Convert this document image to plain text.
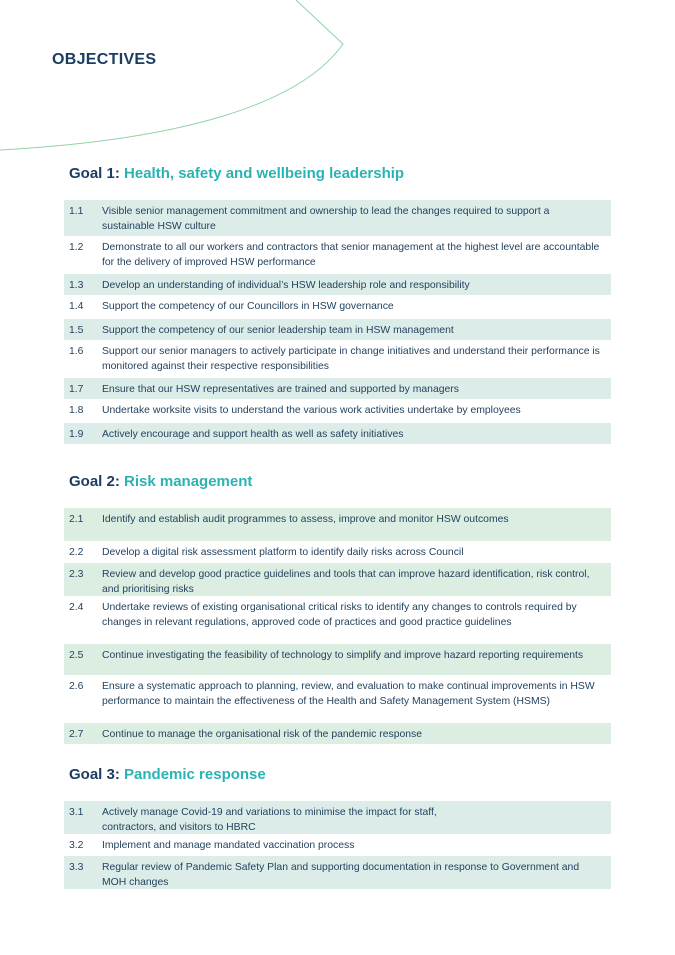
OBJECTIVES
Goal 1: Health, safety and wellbeing leadership
1.1	Visible senior management commitment and ownership to lead the changes required to support a sustainable HSW culture
1.2	Demonstrate to all our workers and contractors that senior management at the highest level are accountable for the delivery of improved HSW performance
1.3	Develop an understanding of individual’s HSW leadership role and responsibility
1.4	Support the competency of our Councillors in HSW governance
1.5	Support the competency of our senior leadership team in HSW management
1.6	Support our senior managers to actively participate in change initiatives and understand their performance is monitored against their respective responsibilities
1.7	Ensure that our HSW representatives are trained and supported by managers
1.8	Undertake worksite visits to understand the various work activities undertake by employees
1.9	Actively encourage and support health as well as safety initiatives
Goal 2: Risk management
2.1	Identify and establish audit programmes to assess, improve and monitor HSW outcomes
2.2	Develop a digital risk assessment platform to identify daily risks across Council
2.3	Review and develop good practice guidelines and tools that can improve hazard identification, risk control, and prioritising risks
2.4	Undertake reviews of existing organisational critical risks to identify any changes to controls required by changes in relevant regulations, approved code of practices and good practice guidelines
2.5	Continue investigating the feasibility of technology to simplify and improve hazard reporting requirements
2.6	Ensure a systematic approach to planning, review, and evaluation to make continual improvements in HSW performance to maintain the effectiveness of the Health and Safety Management System (HSMS)
2.7	Continue to manage the organisational risk of the pandemic response
Goal 3: Pandemic response
3.1	Actively manage Covid-19 and variations to minimise the impact for staff, contractors, and visitors to HBRC
3.2	Implement and manage mandated vaccination process
3.3	Regular review of Pandemic Safety Plan and supporting documentation in response to Government and MOH changes
